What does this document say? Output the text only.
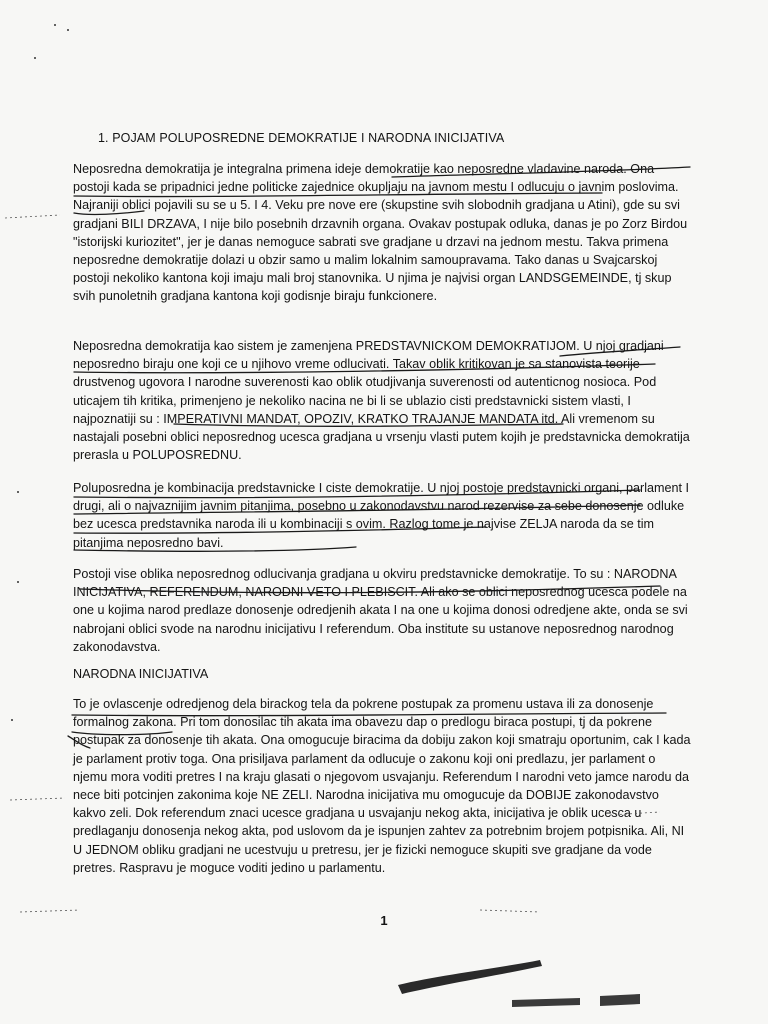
1. POJAM POLUPOSREDNE DEMOKRATIJE I NARODNA INICIJATIVA

Neposredna demokratija je integralna primena ideje demokratije kao neposredne vladavine naroda. Ona postoji kada se pripadnici jedne politicke zajednice okupljaju na javnom mestu I odlucuju o javnim poslovima. Najraniji oblici pojavili su se u 5. I 4. Veku pre nove ere (skupstine svih slobodnih gradjana u Atini), gde su svi gradjani BILI DRZAVA, I nije bilo posebnih drzavnih organa. Ovakav postupak odluka, danas je po Zorz Birdou "istorijski kuriozitet", jer je danas nemoguce sabrati sve gradjane u drzavi na jednom mestu. Takva primena neposredne demokratije dolazi u obzir samo u malim lokalnim samoupravama. Tako danas u Svajcarskoj postoji nekoliko kantona koji imaju mali broj stanovnika. U njima je najvisi organ LANDSGEMEINDE, tj skup svih punoletnih gradjana kantona koji godisnje biraju funkcionere.

Neposredna demokratija kao sistem je zamenjena PREDSTAVNICKOM DEMOKRATIJOM. U njoj gradjani neposredno biraju one koji ce u njihovo vreme odlucivati. Takav oblik kritikovan je sa stanovista teorije drustvenog ugovora I narodne suverenosti kao oblik otudjivanja suverenosti od autenticnog nosioca. Pod uticajem tih kritika, primenjeno je nekoliko nacina ne bi li se ublazio cisti predstavnicki sistem vlasti, I najpoznatiji su : IMPERATIVNI MANDAT, OPOZIV, KRATKO TRAJANJE MANDATA itd. Ali vremenom su nastajali posebni oblici neposrednog ucesca gradjana u vrsenju vlasti putem kojih je predstavnicka demokratija prerasla u POLUPOSREDNU.

Poluposredna je kombinacija predstavnicke I ciste demokratije. U njoj postoje predstavnicki organi, parlament I drugi, ali o najvaznijim javnim pitanjima, posebno u zakonodavstvu narod rezervise za sebe donosenje odluke bez ucesca predstavnika naroda ili u kombinaciji s ovim. Razlog tome je najvise ZELJA naroda da se tim pitanjima neposredno bavi.

Postoji vise oblika neposrednog odlucivanja gradjana u okviru predstavnicke demokratije. To su : NARODNA INICIJATIVA, REFERENDUM, NARODNI VETO I PLEBISCIT. Ali ako se oblici neposrednog ucesca podele na one u kojima narod predlaze donosenje odredjenih akata I na one u kojima donosi odredjene akte, onda se svi nabrojani oblici svode na narodnu inicijativu I referendum. Oba institute su ustanove neposrednog narodnog zakonodavstva.

NARODNA INICIJATIVA

To je ovlascenje odredjenog dela birackog tela da pokrene postupak za promenu ustava ili za donosenje formalnog zakona. Pri tom donosilac tih akata ima obavezu dap o predlogu biraca postupi, tj da pokrene postupak za donosenje tih akata. Ona omogucuje biracima da dobiju zakon koji smatraju oportunim, cak I kada je parlament protiv toga. Ona prisiljava parlament da odlucuje o zakonu koji oni predlazu, jer parlament o njemu mora voditi pretres I na kraju glasati o njegovom usvajanju. Referendum I narodni veto jamce narodu da nece biti potcinjen zakonima koje NE ZELI. Narodna inicijativa mu omogucuje da DOBIJE zakonodavstvo kakvo zeli. Dok referendum znaci ucesce gradjana u usvajanju nekog akta, inicijativa je oblik ucesca u predlaganju donosenja nekog akta, pod uslovom da je ispunjen zahtev za potrebnim brojem potpisnika. Ali, NI U JEDNOM obliku gradjani ne ucestvuju u pretresu, jer je fizicki nemoguce skupiti sve gradjane da vode pretres. Raspravu je moguce voditi jedino u parlamentu.

1
